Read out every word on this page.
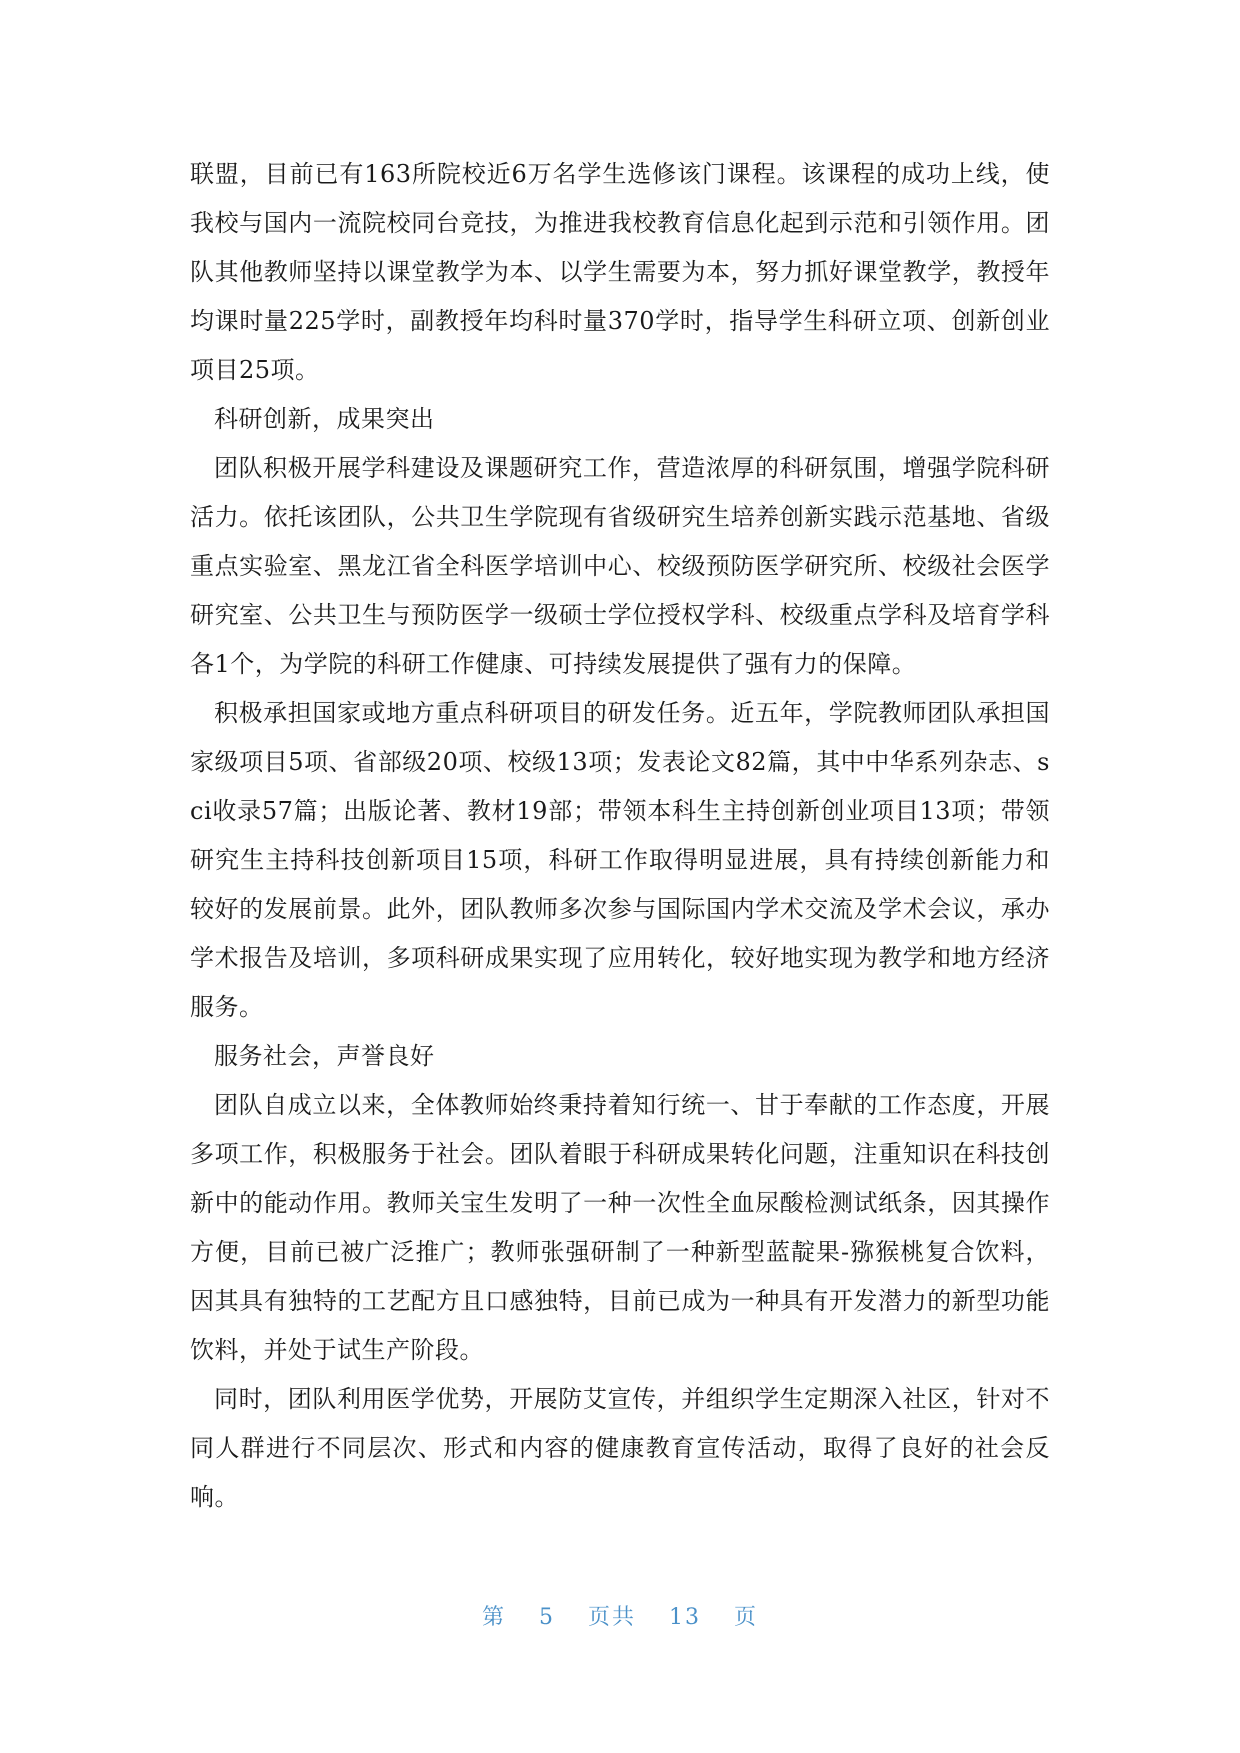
联盟，目前已有163所院校近6万名学生选修该门课程。该课程的成功上线，使我校与国内一流院校同台竞技，为推进我校教育信息化起到示范和引领作用。团队其他教师坚持以课堂教学为本、以学生需要为本，努力抓好课堂教学，教授年均课时量225学时，副教授年均科时量370学时，指导学生科研立项、创新创业项目25项。

科研创新，成果突出

团队积极开展学科建设及课题研究工作，营造浓厚的科研氛围，增强学院科研活力。依托该团队，公共卫生学院现有省级研究生培养创新实践示范基地、省级重点实验室、黑龙江省全科医学培训中心、校级预防医学研究所、校级社会医学研究室、公共卫生与预防医学一级硕士学位授权学科、校级重点学科及培育学科各1个，为学院的科研工作健康、可持续发展提供了强有力的保障。

积极承担国家或地方重点科研项目的研发任务。近五年，学院教师团队承担国家级项目5项、省部级20项、校级13项；发表论文82篇，其中中华系列杂志、sci收录57篇；出版论著、教材19部；带领本科生主持创新创业项目13项；带领研究生主持科技创新项目15项，科研工作取得明显进展，具有持续创新能力和较好的发展前景。此外，团队教师多次参与国际国内学术交流及学术会议，承办学术报告及培训，多项科研成果实现了应用转化，较好地实现为教学和地方经济服务。

服务社会，声誉良好

团队自成立以来，全体教师始终秉持着知行统一、甘于奉献的工作态度，开展多项工作，积极服务于社会。团队着眼于科研成果转化问题，注重知识在科技创新中的能动作用。教师关宝生发明了一种一次性全血尿酸检测试纸条，因其操作方便，目前已被广泛推广；教师张强研制了一种新型蓝靛果-猕猴桃复合饮料，因其具有独特的工艺配方且口感独特，目前已成为一种具有开发潜力的新型功能饮料，并处于试生产阶段。

同时，团队利用医学优势，开展防艾宣传，并组织学生定期深入社区，针对不同人群进行不同层次、形式和内容的健康教育宣传活动，取得了良好的社会反响。

第 5 页共 13 页
